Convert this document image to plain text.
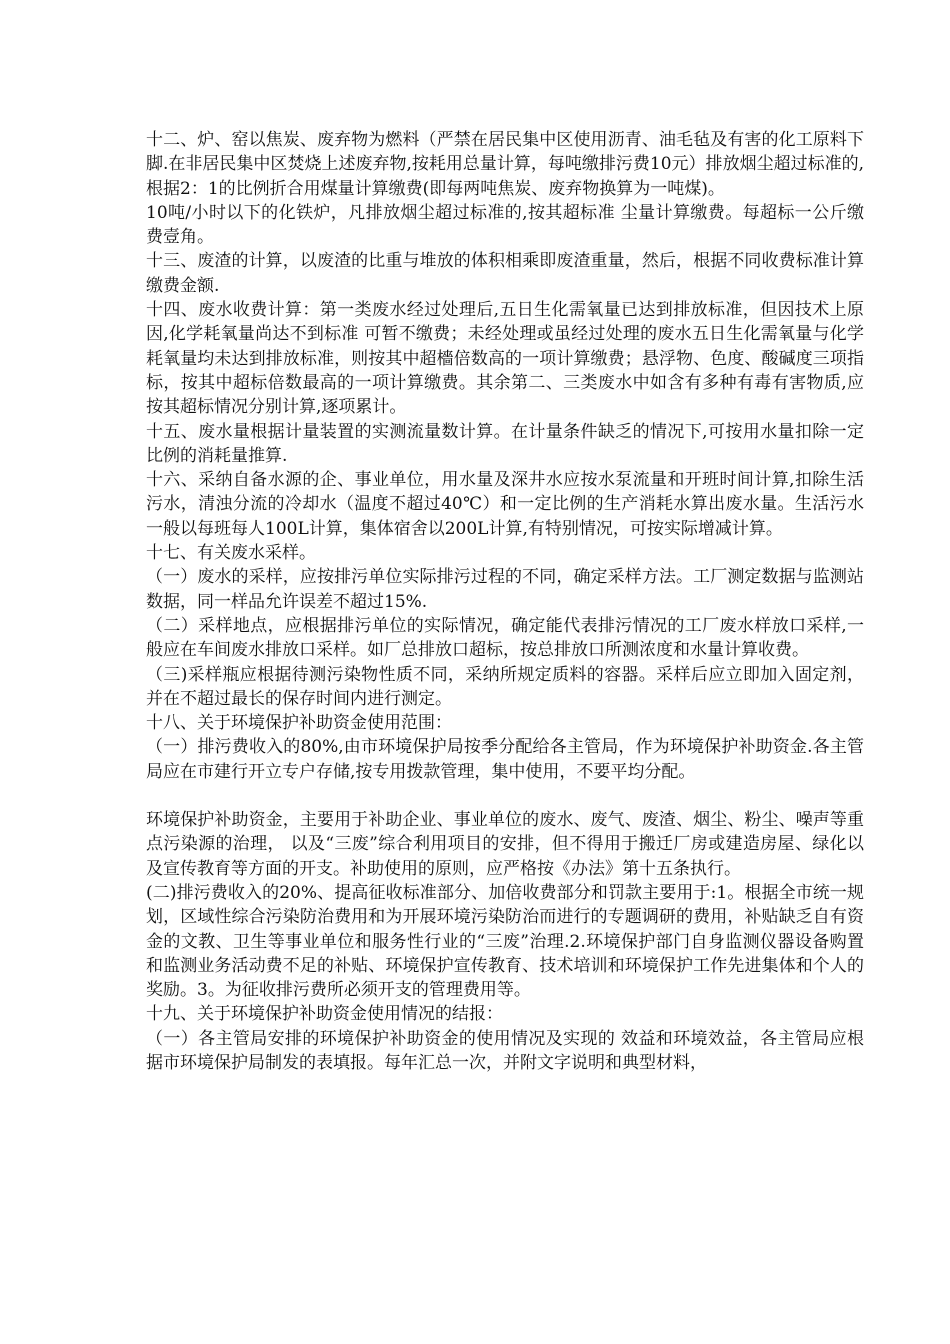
十二、炉、窑以焦炭、废弃物为燃料（严禁在居民集中区使用沥青、油毛毡及有害的化工原料下脚.在非居民集中区焚烧上述废弃物,按耗用总量计算，每吨缴排污费10元）排放烟尘超过标准的,根据2：1的比例折合用煤量计算缴费(即每两吨焦炭、废弃物换算为一吨煤)。

10吨/小时以下的化铁炉，凡排放烟尘超过标准的,按其超标准 尘量计算缴费。每超标一公斤缴费壹角。

十三、废渣的计算，以废渣的比重与堆放的体积相乘即废渣重量，然后，根据不同收费标准计算缴费金额.

十四、废水收费计算：第一类废水经过处理后,五日生化需氧量已达到排放标准，但因技术上原因,化学耗氧量尚达不到标准 可暂不缴费；未经处理或虽经过处理的废水五日生化需氧量与化学耗氧量均未达到排放标准，则按其中超檣倍数高的一项计算缴费；悬浮物、色度、酸碱度三项指标，按其中超标倍数最高的一项计算缴费。其余第二、三类废水中如含有多种有毒有害物质,应按其超标情况分别计算,逐项累计。

十五、废水量根据计量装置的实测流量数计算。在计量条件缺乏的情况下,可按用水量扣除一定比例的消耗量推算.

十六、采纳自备水源的企、事业单位，用水量及深井水应按水泵流量和开班时间计算,扣除生活污水，清浊分流的冷却水（温度不超过40℃）和一定比例的生产消耗水算出废水量。生活污水一般以每班每人100L计算，集体宿舍以200L计算,有特别情况，可按实际增减计算。

十七、有关废水采样。

（一）废水的采样，应按排污单位实际排污过程的不同，确定采样方法。工厂测定数据与监测站数据，同一样品允许误差不超过15%.

（二）采样地点，应根据排污单位的实际情况，确定能代表排污情况的工厂废水样放口采样,一般应在车间废水排放口采样。如厂总排放口超标，按总排放口所测浓度和水量计算收费。

（三)采样瓶应根据待测污染物性质不同，采纳所规定质料的容器。采样后应立即加入固定剂，并在不超过最长的保存时间内进行测定。

十八、关于环境保护补助资金使用范围：

（一）排污费收入的80%,由市环境保护局按季分配给各主管局，作为环境保护补助资金.各主管局应在市建行开立专户存储,按专用拨款管理，集中使用，不要平均分配。

环境保护补助资金，主要用于补助企业、事业单位的废水、废气、废渣、烟尘、粉尘、噪声等重点污染源的治理， 以及“三废”综合利用项目的安排，但不得用于搬迁厂房或建造房屋、绿化以及宣传教育等方面的开支。补助使用的原则，应严格按《办法》第十五条执行。

(二)排污费收入的20%、提高征收标准部分、加倍收费部分和罚款主要用于:1。根据全市统一规划，区域性综合污染防治费用和为开展环境污染防治而进行的专题调研的费用，补贴缺乏自有资金的文教、卫生等事业单位和服务性行业的“三废”治理.2.环境保护部门自身监测仪器设备购置和监测业务活动费不足的补贴、环境保护宣传教育、技术培训和环境保护工作先进集体和个人的奖励。3。为征收排污费所必须开支的管理费用等。

十九、关于环境保护补助资金使用情况的结报：

（一）各主管局安排的环境保护补助资金的使用情况及实现的 效益和环境效益，各主管局应根据市环境保护局制发的表填报。每年汇总一次，并附文字说明和典型材料，
